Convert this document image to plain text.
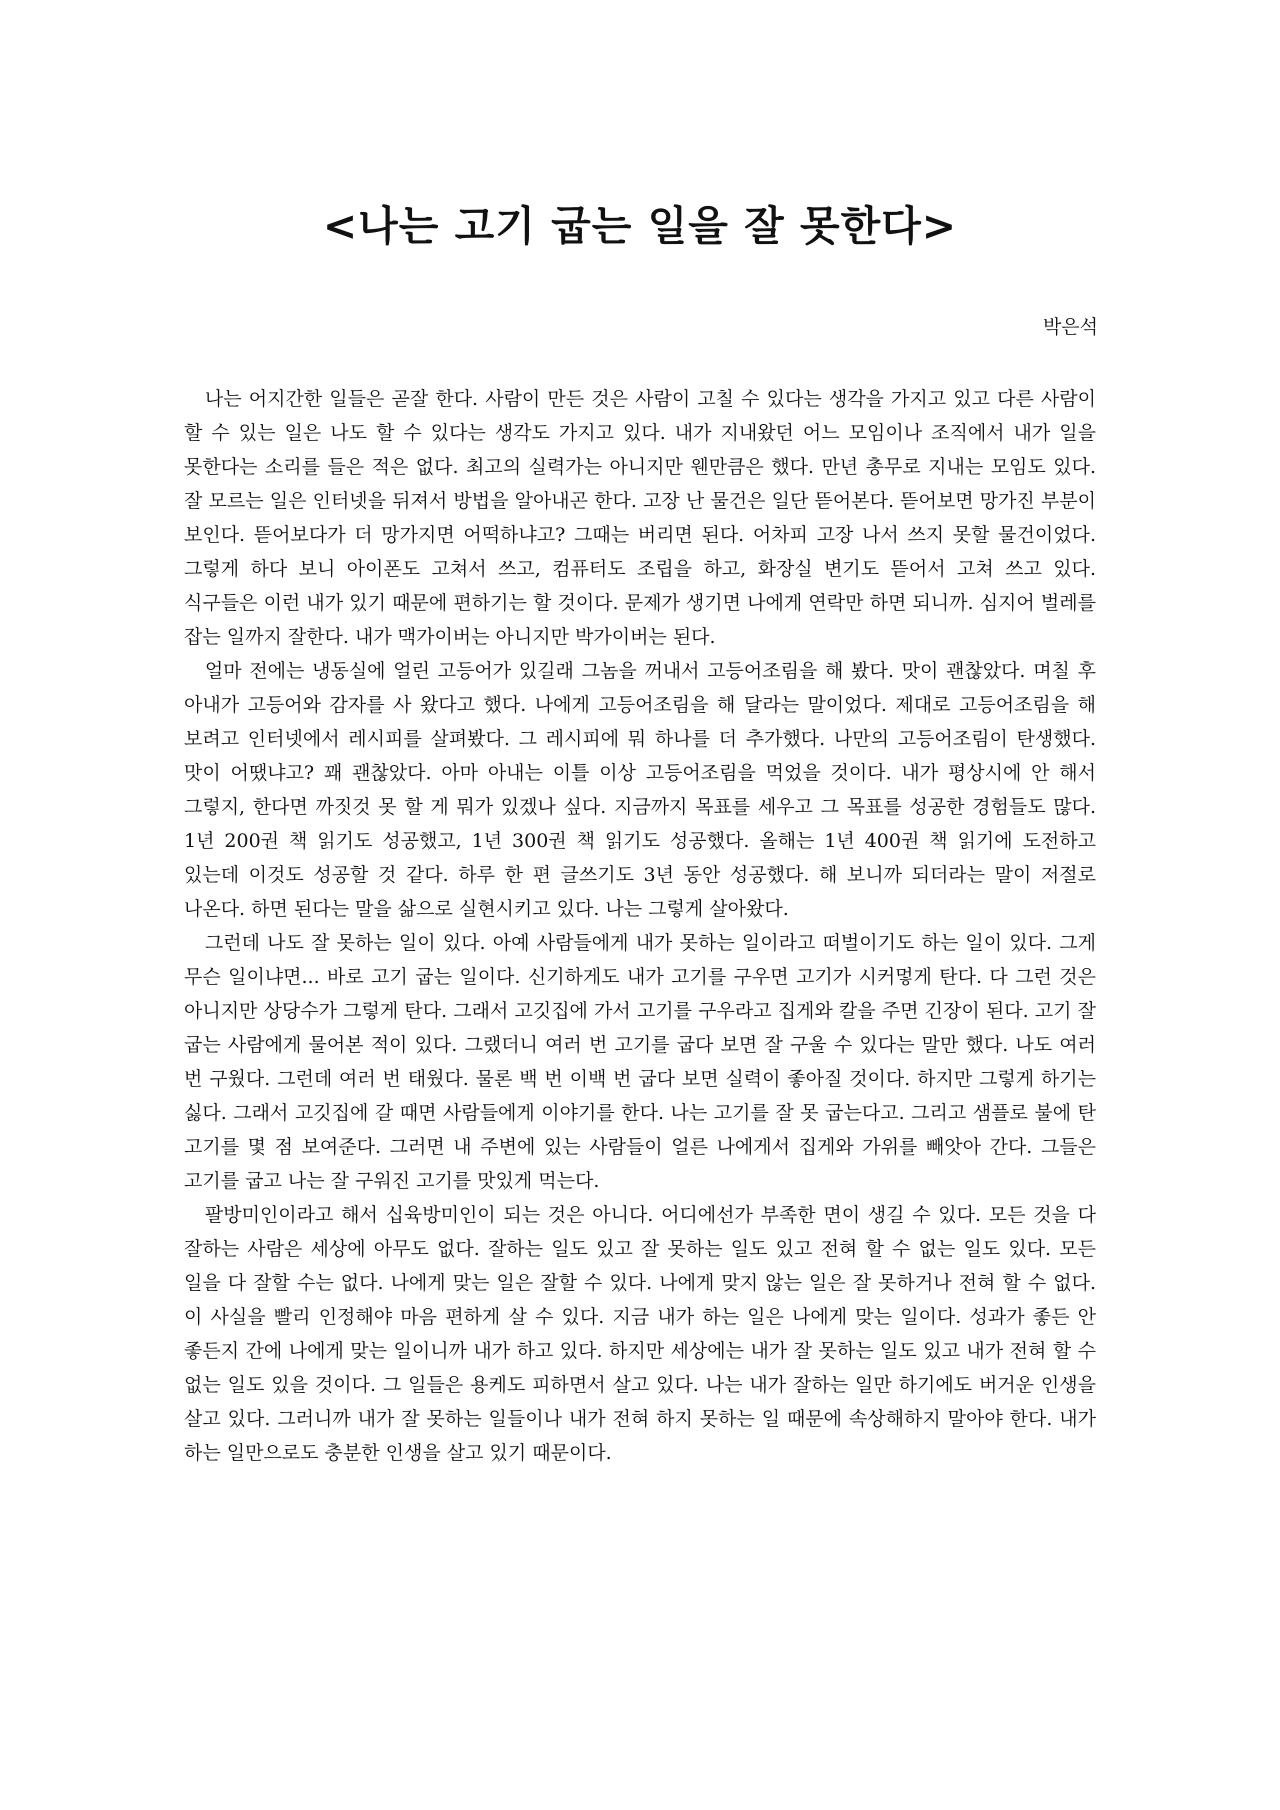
<나는 고기 굽는 일을 잘 못한다>
박은석

나는 어지간한 일들은 곧잘 한다. 사람이 만든 것은 사람이 고칠 수 있다는 생각을 가지고 있고 다른 사람이 할 수 있는 일은 나도 할 수 있다는 생각도 가지고 있다. 내가 지내왔던 어느 모임이나 조직에서 내가 일을 못한다는 소리를 들은 적은 없다. 최고의 실력가는 아니지만 웬만큼은 했다. 만년 총무로 지내는 모임도 있다. 잘 모르는 일은 인터넷을 뒤져서 방법을 알아내곤 한다. 고장 난 물건은 일단 뜯어본다. 뜯어보면 망가진 부분이 보인다. 뜯어보다가 더 망가지면 어떡하냐고? 그때는 버리면 된다. 어차피 고장 나서 쓰지 못할 물건이었다. 그렇게 하다 보니 아이폰도 고쳐서 쓰고, 컴퓨터도 조립을 하고, 화장실 변기도 뜯어서 고쳐 쓰고 있다. 식구들은 이런 내가 있기 때문에 편하기는 할 것이다. 문제가 생기면 나에게 연락만 하면 되니까. 심지어 벌레를 잡는 일까지 잘한다. 내가 맥가이버는 아니지만 박가이버는 된다.

얼마 전에는 냉동실에 얼린 고등어가 있길래 그놈을 꺼내서 고등어조림을 해 봤다. 맛이 괜찮았다. 며칠 후 아내가 고등어와 감자를 사 왔다고 했다. 나에게 고등어조림을 해 달라는 말이었다. 제대로 고등어조림을 해 보려고 인터넷에서 레시피를 살펴봤다. 그 레시피에 뭐 하나를 더 추가했다. 나만의 고등어조림이 탄생했다. 맛이 어땠냐고? 꽤 괜찮았다. 아마 아내는 이틀 이상 고등어조림을 먹었을 것이다. 내가 평상시에 안 해서 그렇지, 한다면 까짓것 못 할 게 뭐가 있겠나 싶다. 지금까지 목표를 세우고 그 목표를 성공한 경험들도 많다. 1년 200권 책 읽기도 성공했고, 1년 300권 책 읽기도 성공했다. 올해는 1년 400권 책 읽기에 도전하고 있는데 이것도 성공할 것 같다. 하루 한 편 글쓰기도 3년 동안 성공했다. 해 보니까 되더라는 말이 저절로 나온다. 하면 된다는 말을 삶으로 실현시키고 있다. 나는 그렇게 살아왔다.

그런데 나도 잘 못하는 일이 있다. 아예 사람들에게 내가 못하는 일이라고 떠벌이기도 하는 일이 있다. 그게 무슨 일이냐면... 바로 고기 굽는 일이다. 신기하게도 내가 고기를 구우면 고기가 시커멓게 탄다. 다 그런 것은 아니지만 상당수가 그렇게 탄다. 그래서 고깃집에 가서 고기를 구우라고 집게와 칼을 주면 긴장이 된다. 고기 잘 굽는 사람에게 물어본 적이 있다. 그랬더니 여러 번 고기를 굽다 보면 잘 구울 수 있다는 말만 했다. 나도 여러 번 구웠다. 그런데 여러 번 태웠다. 물론 백 번 이백 번 굽다 보면 실력이 좋아질 것이다. 하지만 그렇게 하기는 싫다. 그래서 고깃집에 갈 때면 사람들에게 이야기를 한다. 나는 고기를 잘 못 굽는다고. 그리고 샘플로 불에 탄 고기를 몇 점 보여준다. 그러면 내 주변에 있는 사람들이 얼른 나에게서 집게와 가위를 빼앗아 간다. 그들은 고기를 굽고 나는 잘 구워진 고기를 맛있게 먹는다.

팔방미인이라고 해서 십육방미인이 되는 것은 아니다. 어디에선가 부족한 면이 생길 수 있다. 모든 것을 다 잘하는 사람은 세상에 아무도 없다. 잘하는 일도 있고 잘 못하는 일도 있고 전혀 할 수 없는 일도 있다. 모든 일을 다 잘할 수는 없다. 나에게 맞는 일은 잘할 수 있다. 나에게 맞지 않는 일은 잘 못하거나 전혀 할 수 없다. 이 사실을 빨리 인정해야 마음 편하게 살 수 있다. 지금 내가 하는 일은 나에게 맞는 일이다. 성과가 좋든 안 좋든지 간에 나에게 맞는 일이니까 내가 하고 있다. 하지만 세상에는 내가 잘 못하는 일도 있고 내가 전혀 할 수 없는 일도 있을 것이다. 그 일들은 용케도 피하면서 살고 있다. 나는 내가 잘하는 일만 하기에도 버거운 인생을 살고 있다. 그러니까 내가 잘 못하는 일들이나 내가 전혀 하지 못하는 일 때문에 속상해하지 말아야 한다. 내가 하는 일만으로도 충분한 인생을 살고 있기 때문이다.
